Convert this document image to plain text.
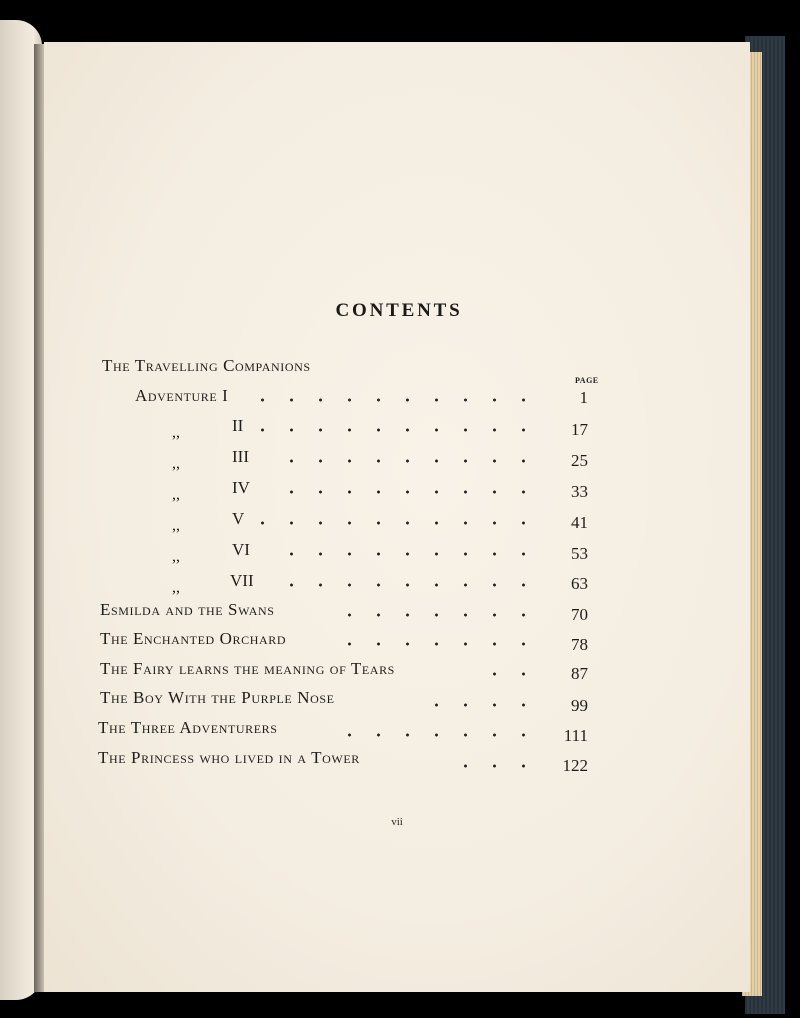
CONTENTS
The Travelling Companions
PAGE
Adventure I	1
,,	II	17
,,	III	25
,,	IV	33
,,	V	41
,,	VI	53
,,	VII	63
Esmilda and the Swans	70
The Enchanted Orchard	78
The Fairy learns the meaning of Tears	87
The Boy With the Purple Nose	99
The Three Adventurers	111
The Princess who lived in a Tower	122
vii
